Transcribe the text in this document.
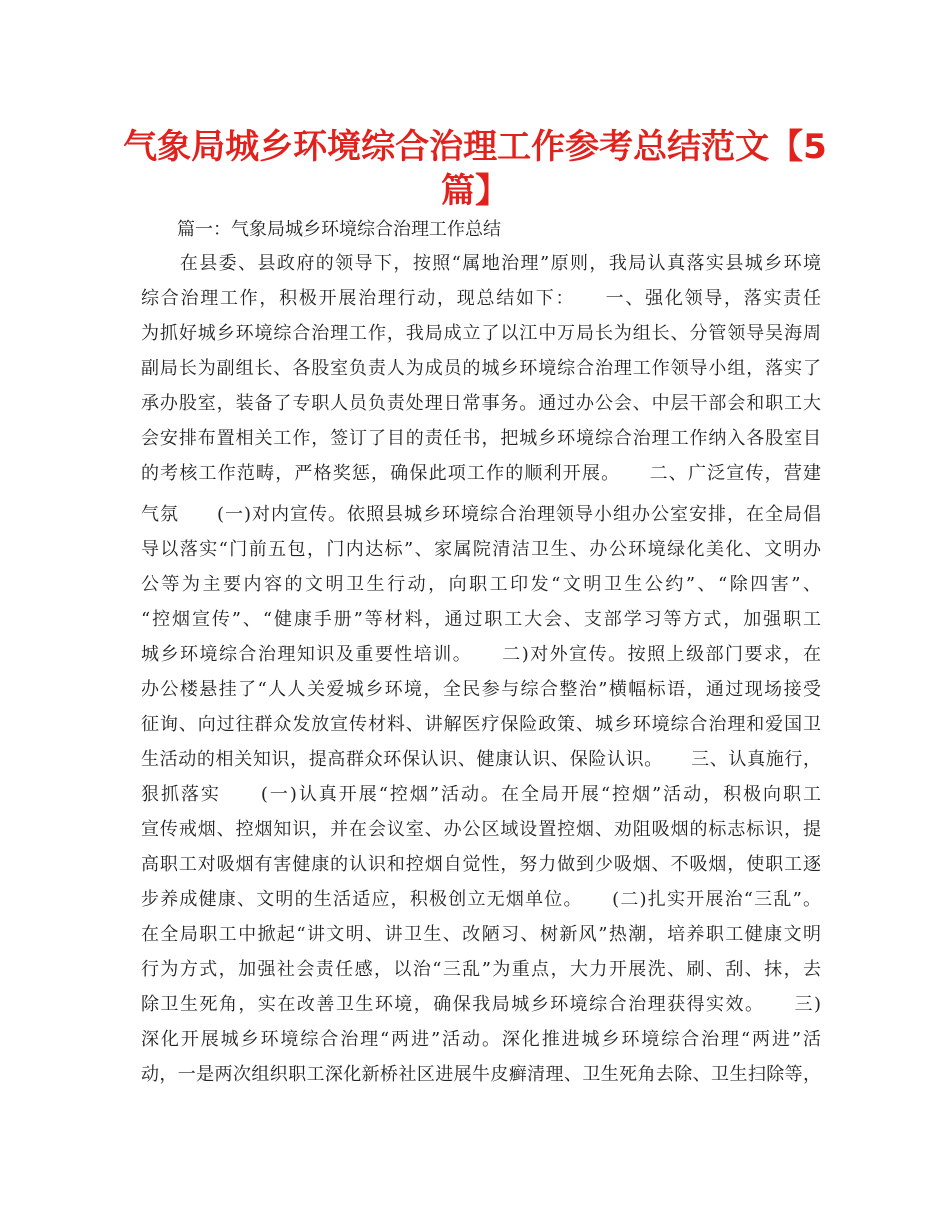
气象局城乡环境综合治理工作参考总结范文【5
篇】

　　篇一：气象局城乡环境综合治理工作总结

　　在县委、县政府的领导下，按照“属地治理”原则，我局认真落实县城乡环境

综合治理工作，积极开展治理行动，现总结如下：　　一、强化领导，落实责任

为抓好城乡环境综合治理工作，我局成立了以江中万局长为组长、分管领导吴海周

副局长为副组长、各股室负责人为成员的城乡环境综合治理工作领导小组，落实了

承办股室，装备了专职人员负责处理日常事务。通过办公会、中层干部会和职工大

会安排布置相关工作，签订了目的责任书，把城乡环境综合治理工作纳入各股室目

的考核工作范畴，严格奖惩，确保此项工作的顺利开展。　　二、广泛宣传，营建

气氛　　(一)对内宣传。依照县城乡环境综合治理领导小组办公室安排，在全局倡

导以落实“门前五包，门内达标”、家属院清洁卫生、办公环境绿化美化、文明办

公等为主要内容的文明卫生行动，向职工印发“文明卫生公约”、“除四害”、

“控烟宣传”、“健康手册”等材料，通过职工大会、支部学习等方式，加强职工

城乡环境综合治理知识及重要性培训。　　二)对外宣传。按照上级部门要求，在

办公楼悬挂了“人人关爱城乡环境，全民参与综合整治”横幅标语，通过现场接受

征询、向过往群众发放宣传材料、讲解医疗保险政策、城乡环境综合治理和爱国卫

生活动的相关知识，提高群众环保认识、健康认识、保险认识。　　三、认真施行，

狠抓落实　　(一)认真开展“控烟”活动。在全局开展“控烟”活动，积极向职工

宣传戒烟、控烟知识，并在会议室、办公区域设置控烟、劝阻吸烟的标志标识，提

高职工对吸烟有害健康的认识和控烟自觉性，努力做到少吸烟、不吸烟，使职工逐

步养成健康、文明的生活适应，积极创立无烟单位。　　(二)扎实开展治“三乱”。

在全局职工中掀起“讲文明、讲卫生、改陋习、树新风”热潮，培养职工健康文明

行为方式，加强社会责任感，以治“三乱”为重点，大力开展洗、刷、刮、抹，去

除卫生死角，实在改善卫生环境，确保我局城乡环境综合治理获得实效。　　三)

深化开展城乡环境综合治理“两进”活动。深化推进城乡环境综合治理“两进”活

动，一是两次组织职工深化新桥社区进展牛皮癣清理、卫生死角去除、卫生扫除等，
